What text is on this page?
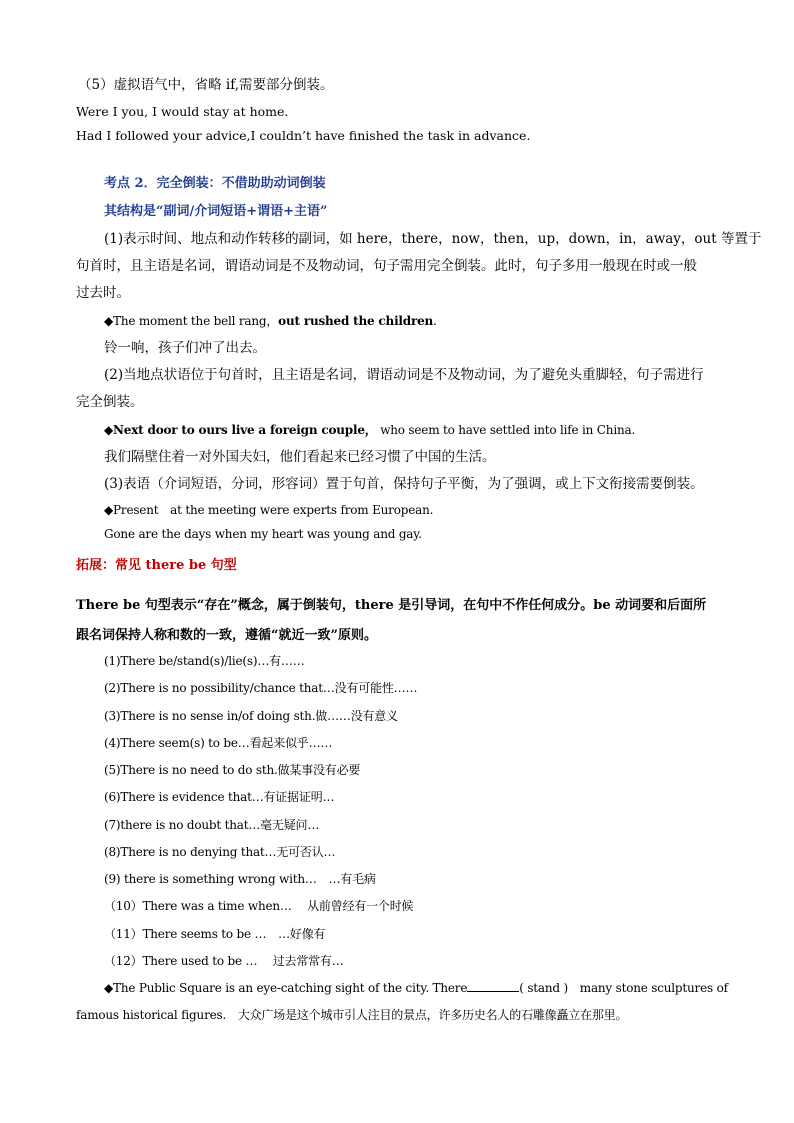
（5）虚拟语气中，省略 if,需要部分倒装。
Were I you, I would stay at home.
Had I followed your advice,I couldn’t have finished the task in advance.
考点 2．完全倒装：不借助助动词倒装
其结构是“副词/介词短语+谓语+主语”
(1)表示时间、地点和动作转移的副词，如 here，there，now，then，up，down，in，away，out 等置于
句首时，且主语是名词，谓语动词是不及物动词，句子需用完全倒装。此时，句子多用一般现在时或一般
过去时。
◆The moment the bell rang，out rushed the children.
铃一响，孩子们冲了出去。
(2)当地点状语位于句首时，且主语是名词，谓语动词是不及物动词，为了避免头重脚轻，句子需进行
完全倒装。
◆Next door to ours live a foreign couple， who seem to have settled into life in China.
我们隔壁住着一对外国夫妇，他们看起来已经习惯了中国的生活。
(3)表语（介词短语，分词，形容词）置于句首，保持句子平衡，为了强调，或上下文衔接需要倒装。
◆Present　at the meeting were experts from European.
Gone are the days when my heart was young and gay.
拓展：常见 there be 句型
There be 句型表示“存在”概念，属于倒装句，there 是引导词，在句中不作任何成分。be 动词要和后面所
跟名词保持人称和数的一致，遵循“就近一致”原则。
(1)There be/stand(s)/lie(s)…有……
(2)There is no possibility/chance that…没有可能性……
(3)There is no sense in/of doing sth.做……没有意义
(4)There seem(s) to be…看起来似乎……
(5)There is no need to do sth.做某事没有必要
(6)There is evidence that…有证据证明…
(7)there is no doubt that…毫无疑问…
(8)There is no denying that…无可否认…
(9) there is something wrong with…　…有毛病
（10）There was a time when…　 从前曾经有一个时候
（11）There seems to be …　…好像有
（12）There used to be …　 过去常常有…
◆The Public Square is an eye-catching sight of the city. There	( stand )　many stone sculptures of
famous historical figures.　大众广场是这个城市引人注目的景点，许多历史名人的石雕像矗立在那里。
